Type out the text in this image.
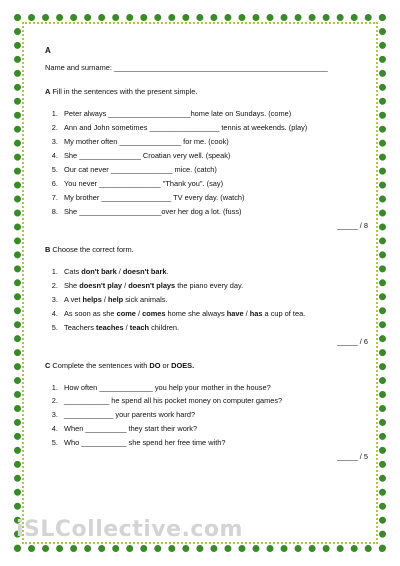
A
Name and surname: ____________________________________________________
A Fill in the sentences with the present simple.
1. Peter always ____________________home late on Sundays. (come)
2. Ann and John sometimes _________________ tennis at weekends. (play)
3. My mother often _______________ for me. (cook)
4. She _______________ Croatian very well. (speak)
5. Our cat never _______________ mice. (catch)
6. You never _______________ "Thank you". (say)
7. My brother _________________ TV every day. (watch)
8. She ____________________over her dog a lot. (fuss)
_____ / 8
B Choose the correct form.
1. Cats don't bark / doesn't bark.
2. She doesn't play / doesn't plays the piano every day.
3. A vet helps / help sick animals.
4. As soon as she come / comes home she always have / has a cup of tea.
5. Teachers teaches / teach children.
_____ / 6
C Complete the sentences with DO or DOES.
1. How often _____________ you help your mother in the house?
2. ___________ he spend all his pocket money on computer games?
3. ____________ your parents work hard?
4. When __________ they start their work?
5. Who ___________ she spend her free time with?
_____ / 5
iSLCollective.com
